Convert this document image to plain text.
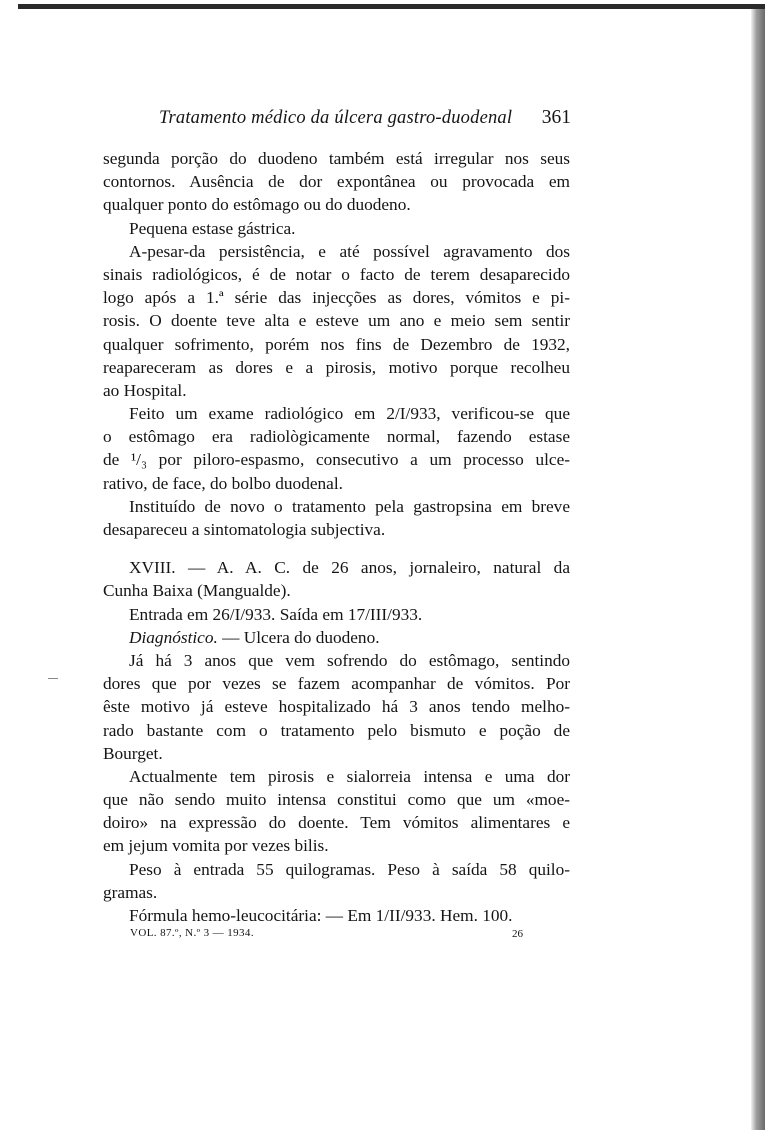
Tratamento médico da úlcera gastro-duodenal 361
segunda porção do duodeno também está irregular nos seus
contornos. Ausência de dor expontânea ou provocada em
qualquer ponto do estômago ou do duodeno.
Pequena estase gástrica.
A-pesar-da persistência, e até possível agravamento dos
sinais radiológicos, é de notar o facto de terem desaparecido
logo após a 1.ª série das injecções as dores, vómitos e pi-
rosis. O doente teve alta e esteve um ano e meio sem sentir
qualquer sofrimento, porém nos fins de Dezembro de 1932,
reapareceram as dores e a pirosis, motivo porque recolheu
ao Hospital.
Feito um exame radiológico em 2/I/933, verificou-se que
o estômago era radiològicamente normal, fazendo estase
de ¹/₃ por piloro-espasmo, consecutivo a um processo ulce-
rativo, de face, do bolbo duodenal.
Instituído de novo o tratamento pela gastropsina em breve
desapareceu a sintomatologia subjectiva.
XVIII. — A. A. C. de 26 anos, jornaleiro, natural da
Cunha Baixa (Mangualde).
Entrada em 26/I/933. Saída em 17/III/933.
Diagnóstico. — Ulcera do duodeno.
Já há 3 anos que vem sofrendo do estômago, sentindo
dores que por vezes se fazem acompanhar de vómitos. Por
êste motivo já esteve hospitalizado há 3 anos tendo melho-
rado bastante com o tratamento pelo bismuto e poção de
Bourget.
Actualmente tem pirosis e sialorreia intensa e uma dor
que não sendo muito intensa constitui como que um «moe-
doiro» na expressão do doente. Tem vómitos alimentares e
em jejum vomita por vezes bilis.
Peso à entrada 55 quilogramas. Peso à saída 58 quilo-
gramas.
Fórmula hemo-leucocitária: — Em 1/II/933. Hem. 100.
VOL. 87.º, N.º 3 — 1934.	26
